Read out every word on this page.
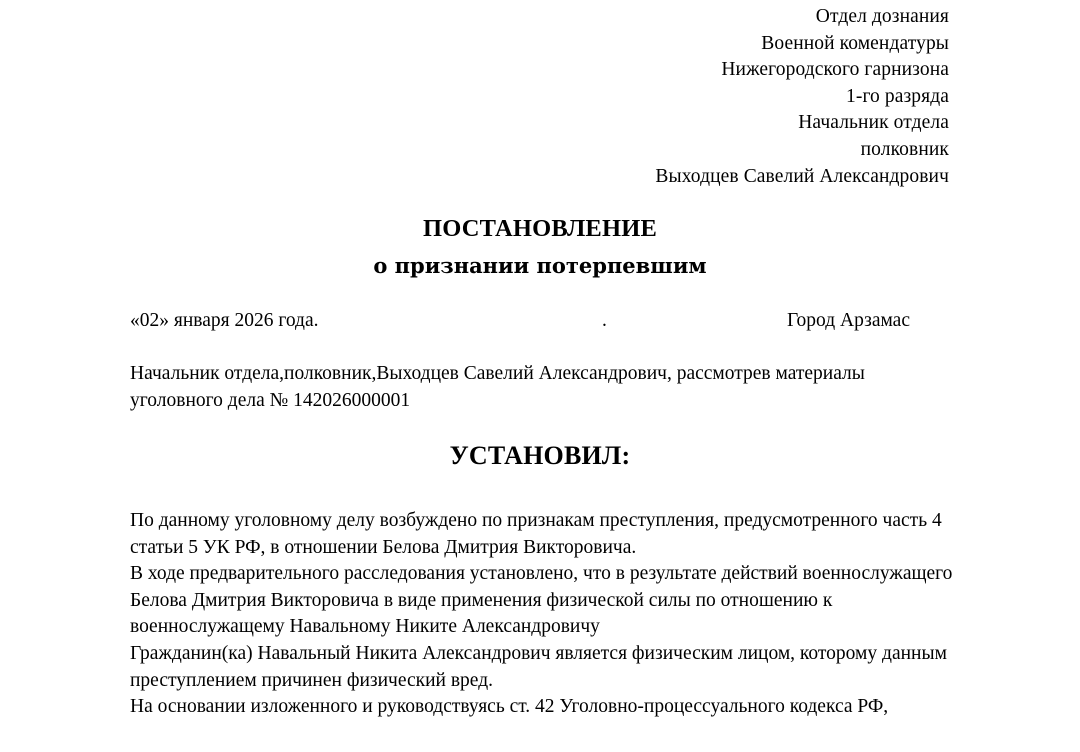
Отдел дознания
Военной комендатуры
Нижегородского гарнизона
1-го разряда
Начальник отдела
полковник
Выходцев Савелий Александрович
ПОСТАНОВЛЕНИЕ
о признании потерпевшим
«02» января 2026 года.	.	Город Арзамас
Начальник отдела,полковник,Выходцев Савелий Александрович, рассмотрев материалы уголовного дела № 142026000001
УСТАНОВИЛ:

По данному уголовному делу возбуждено по признакам преступления, предусмотренного часть 4 статьи 5 УК РФ, в отношении Белова Дмитрия Викторовича.

В ходе предварительного расследования установлено, что в результате действий военнослужащего Белова Дмитрия Викторовича в виде применения физической силы по отношению к военнослужащему Навальному Никите Александровичу

Гражданин(ка) Навальный Никита Александрович является физическим лицом, которому данным преступлением причинен физический вред.

На основании изложенного и руководствуясь ст. 42 Уголовно-процессуального кодекса РФ,
